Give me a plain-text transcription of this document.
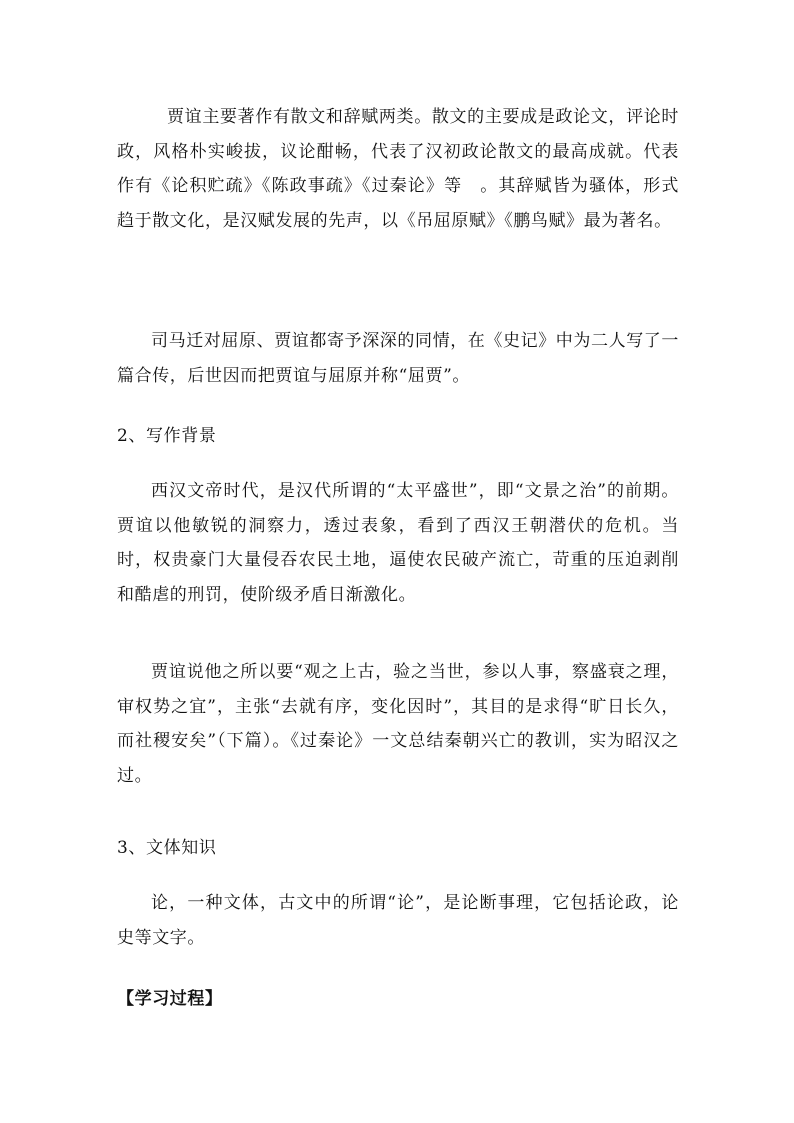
贾谊主要著作有散文和辞赋两类。散文的主要成是政论文，评论时政，风格朴实峻拔，议论酣畅，代表了汉初政论散文的最高成就。代表作有《论积贮疏》《陈政事疏》《过秦论》等　。其辞赋皆为骚体，形式趋于散文化，是汉赋发展的先声，以《吊屈原赋》《鹏鸟赋》最为著名。

司马迁对屈原、贾谊都寄予深深的同情，在《史记》中为二人写了一篇合传，后世因而把贾谊与屈原并称“屈贾”。

2、写作背景

西汉文帝时代，是汉代所谓的“太平盛世”，即“文景之治”的前期。贾谊以他敏锐的洞察力，透过表象，看到了西汉王朝潜伏的危机。当时，权贵豪门大量侵吞农民土地，逼使农民破产流亡，苛重的压迫剥削和酷虐的刑罚，使阶级矛盾日渐激化。

贾谊说他之所以要“观之上古，验之当世，参以人事，察盛衰之理，审权势之宜”，主张“去就有序，变化因时”，其目的是求得“旷日长久，而社稷安矣”（下篇）。《过秦论》一文总结秦朝兴亡的教训，实为昭汉之过。

3、文体知识

论，一种文体，古文中的所谓“论”，是论断事理，它包括论政，论史等文字。

【学习过程】
